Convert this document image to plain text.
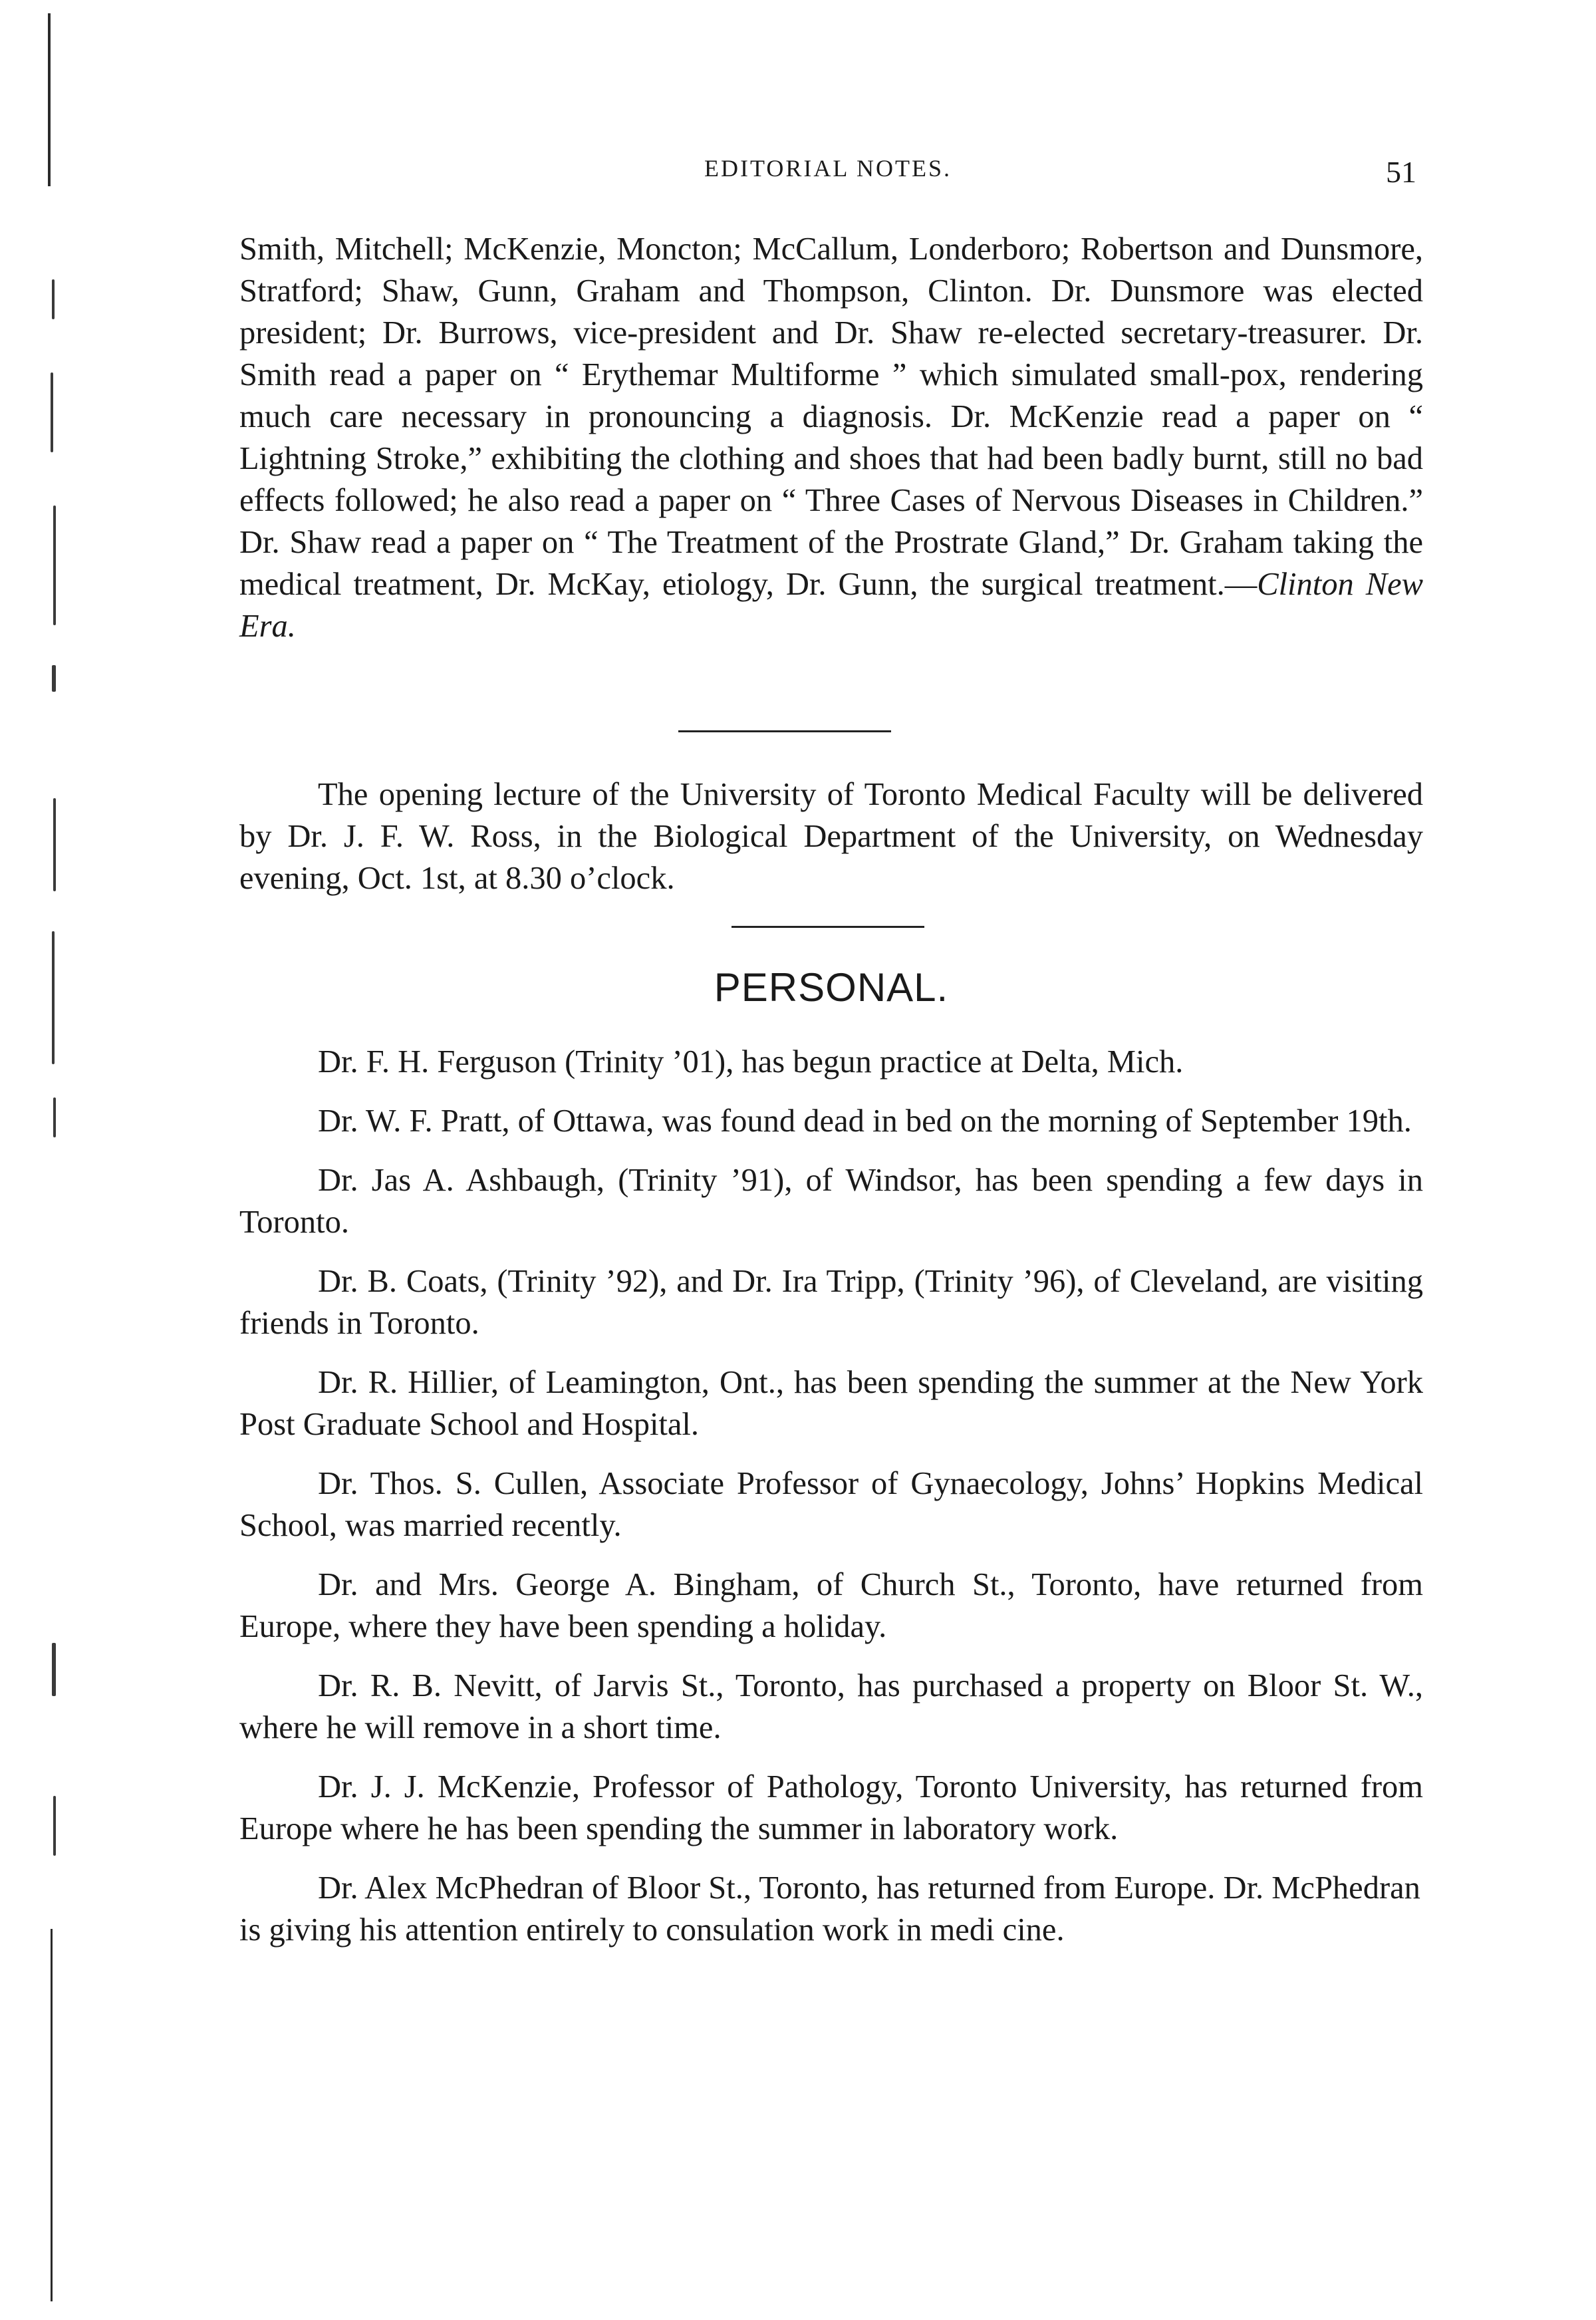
EDITORIAL NOTES.	51

Smith, Mitchell; McKenzie, Moncton; McCallum, Londerboro; Robertson and Dunsmore, Stratford; Shaw, Gunn, Graham and Thompson, Clinton. Dr. Dunsmore was elected president; Dr. Burrows, vice-president and Dr. Shaw re-elected secretary-treasurer. Dr. Smith read a paper on “ Erythemar Multiforme ” which simulated small-pox, rendering much care necessary in pronouncing a diagnosis. Dr. McKenzie read a paper on “ Lightning Stroke,” exhibiting the clothing and shoes that had been badly burnt, still no bad effects followed; he also read a paper on “ Three Cases of Nervous Diseases in Children.” Dr. Shaw read a paper on “ The Treatment of the Prostrate Gland,” Dr. Graham taking the medical treatment, Dr. McKay, etiology, Dr. Gunn, the surgical treatment.—Clinton New Era.

The opening lecture of the University of Toronto Medical Faculty will be delivered by Dr. J. F. W. Ross, in the Biological Department of the University, on Wednesday evening, Oct. 1st, at 8.30 o’clock.

PERSONAL.

Dr. F. H. Ferguson (Trinity ’01), has begun practice at Delta, Mich.

Dr. W. F. Pratt, of Ottawa, was found dead in bed on the morning of September 19th.

Dr. Jas A. Ashbaugh, (Trinity ’91), of Windsor, has been spending a few days in Toronto.

Dr. B. Coats, (Trinity ’92), and Dr. Ira Tripp, (Trinity ’96), of Cleveland, are visiting friends in Toronto.

Dr. R. Hillier, of Leamington, Ont., has been spending the summer at the New York Post Graduate School and Hospital.

Dr. Thos. S. Cullen, Associate Professor of Gynaecology, Johns’ Hopkins Medical School, was married recently.

Dr. and Mrs. George A. Bingham, of Church St., Toronto, have returned from Europe, where they have been spending a holiday.

Dr. R. B. Nevitt, of Jarvis St., Toronto, has purchased a property on Bloor St. W., where he will remove in a short time.

Dr. J. J. McKenzie, Professor of Pathology, Toronto University, has returned from Europe where he has been spending the summer in laboratory work.

Dr. Alex McPhedran of Bloor St., Toronto, has returned from Europe. Dr. McPhedran is giving his attention entirely to consulation work in medi cine.
